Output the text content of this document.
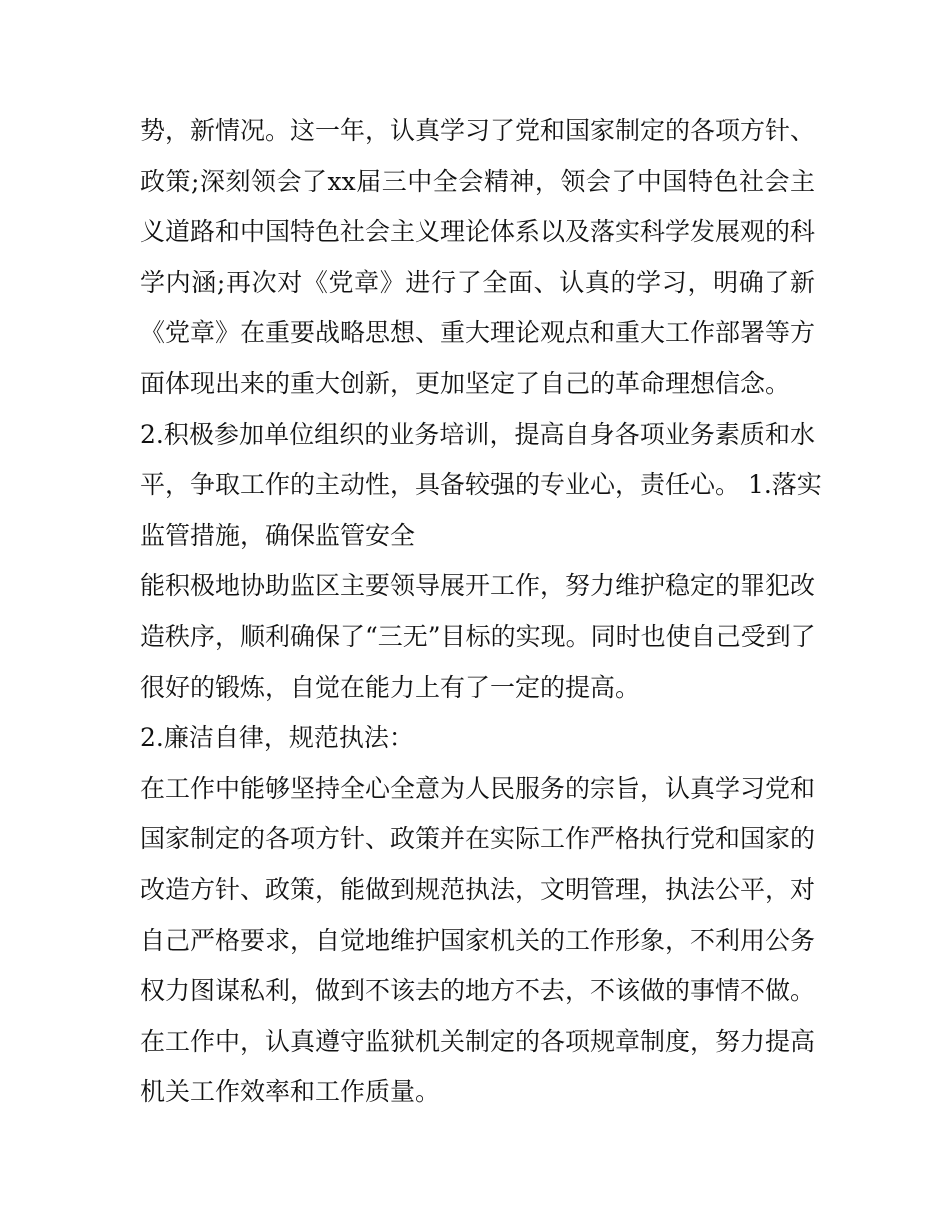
势，新情况。这一年，认真学习了党和国家制定的各项方针、
政策;深刻领会了xx届三中全会精神，领会了中国特色社会主
义道路和中国特色社会主义理论体系以及落实科学发展观的科
学内涵;再次对《党章》进行了全面、认真的学习，明确了新
《党章》在重要战略思想、重大理论观点和重大工作部署等方
面体现出来的重大创新，更加坚定了自己的革命理想信念。
2.积极参加单位组织的业务培训，提高自身各项业务素质和水
平，争取工作的主动性，具备较强的专业心，责任心。 1.落实
监管措施，确保监管安全
能积极地协助监区主要领导展开工作，努力维护稳定的罪犯改
造秩序，顺利确保了“三无”目标的实现。同时也使自己受到了
很好的锻炼，自觉在能力上有了一定的提高。
2.廉洁自律，规范执法：
在工作中能够坚持全心全意为人民服务的宗旨，认真学习党和
国家制定的各项方针、政策并在实际工作严格执行党和国家的
改造方针、政策，能做到规范执法，文明管理，执法公平，对
自己严格要求，自觉地维护国家机关的工作形象，不利用公务
权力图谋私利，做到不该去的地方不去，不该做的事情不做。
在工作中，认真遵守监狱机关制定的各项规章制度，努力提高
机关工作效率和工作质量。
